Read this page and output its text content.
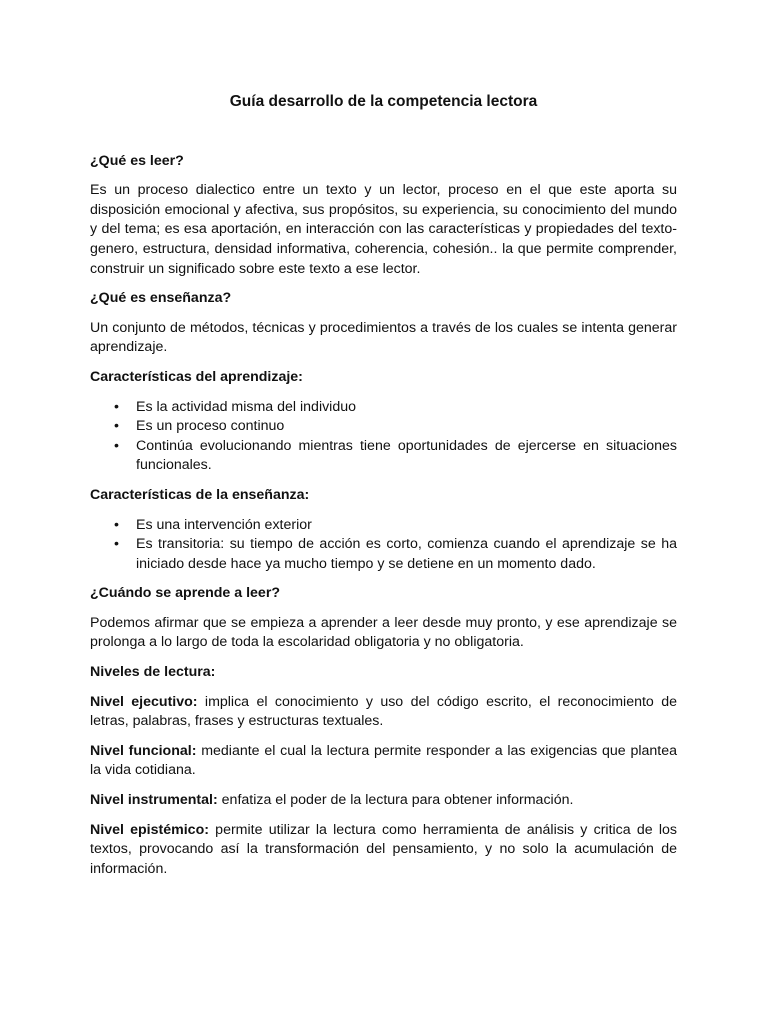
Guía desarrollo de la competencia lectora
¿Qué es leer?
Es un proceso dialectico entre un texto y un lector, proceso en el que este aporta su disposición emocional y afectiva, sus propósitos, su experiencia, su conocimiento del mundo y del tema; es esa aportación, en interacción con las características y propiedades del texto-genero, estructura, densidad informativa, coherencia, cohesión.. la que permite comprender, construir un significado sobre este texto a ese lector.
¿Qué es enseñanza?
Un conjunto de métodos, técnicas y procedimientos a través de los cuales se intenta generar aprendizaje.
Características del aprendizaje:
• Es la actividad misma del individuo
• Es un proceso continuo
• Continúa evolucionando mientras tiene oportunidades de ejercerse en situaciones funcionales.
Características de la enseñanza:
• Es una intervención exterior
• Es transitoria: su tiempo de acción es corto, comienza cuando el aprendizaje se ha iniciado desde hace ya mucho tiempo y se detiene en un momento dado.
¿Cuándo se aprende a leer?
Podemos afirmar que se empieza a aprender a leer desde muy pronto, y ese aprendizaje se prolonga a lo largo de toda la escolaridad obligatoria y no obligatoria.
Niveles de lectura:
Nivel ejecutivo: implica el conocimiento y uso del código escrito, el reconocimiento de letras, palabras, frases y estructuras textuales.
Nivel funcional: mediante el cual la lectura permite responder a las exigencias que plantea la vida cotidiana.
Nivel instrumental: enfatiza el poder de la lectura para obtener información.
Nivel epistémico: permite utilizar la lectura como herramienta de análisis y critica de los textos, provocando así la transformación del pensamiento, y no solo la acumulación de información.
